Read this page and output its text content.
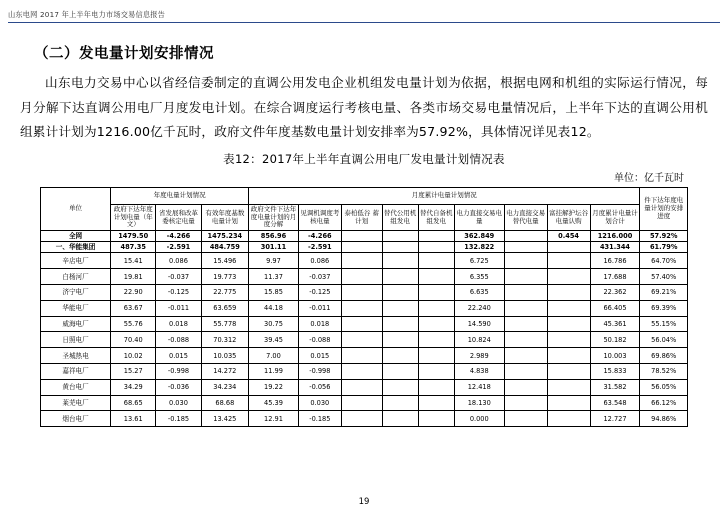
山东电网 2017 年上半年电力市场交易信息报告
（二）发电量计划安排情况

山东电力交易中心以省经信委制定的直调公用发电企业机组发电量计划为依据，根据电网和机组的实际运行情况，每月分解下达直调公用电厂月度发电计划。在综合调度运行考核电量、各类市场交易电量情况后，上半年下达的直调公用机组累计计划为1216.00亿千瓦时，政府文件年度基数电量计划安排率为57.92%，具体情况详见表12。

表12：2017年上半年直调公用电厂发电量计划情况表
单位：亿千瓦时
单位	年度电量计划情况			月度累计电量计划情况									件下达年度电量计划的安排进度
	政府下达年度计划电量（年文）	省发展和改革委核定电量	有效年度基数电量计划	政府文件下达年度电量计划的月度分解	见调机调度考核电量	泰柏低谷 蓄计划	替代公用机组发电	替代自备机组发电	电力直接交易电量	电力直接交易替代电量	富挂解护坛谷电量认购	月度累计电量计划合计	
全网	1479.50	-4.266	1475.234	856.96	-4.266				362.849		0.454	1216.000	57.92%
一、华能集团	487.35	-2.591	484.759	301.11	-2.591				132.822			431.344	61.79%
辛店电厂	15.41	0.086	15.496	9.97	0.086				6.725			16.786	64.70%
白杨河厂	19.81	-0.037	19.773	11.37	-0.037				6.355			17.688	57.40%
济宁电厂	22.90	-0.125	22.775	15.85	-0.125				6.635			22.362	69.21%
华能电厂	63.67	-0.011	63.659	44.18	-0.011				22.240			66.405	69.39%
威海电厂	55.76	0.018	55.778	30.75	0.018				14.590			45.361	55.15%
日照电厂	70.40	-0.088	70.312	39.45	-0.088				10.824			50.182	56.04%
圣城热电	10.02	0.015	10.035	7.00	0.015				2.989			10.003	69.86%
嘉祥电厂	15.27	-0.998	14.272	11.99	-0.998				4.838			15.833	78.52%
黄台电厂	34.29	-0.036	34.234	19.22	-0.056				12.418			31.582	56.05%
莱芜电厂	68.65	0.030	68.68	45.39	0.030				18.130			63.548	66.12%
烟台电厂	13.61	-0.185	13.425	12.91	-0.185				0.000			12.727	94.86%
19
